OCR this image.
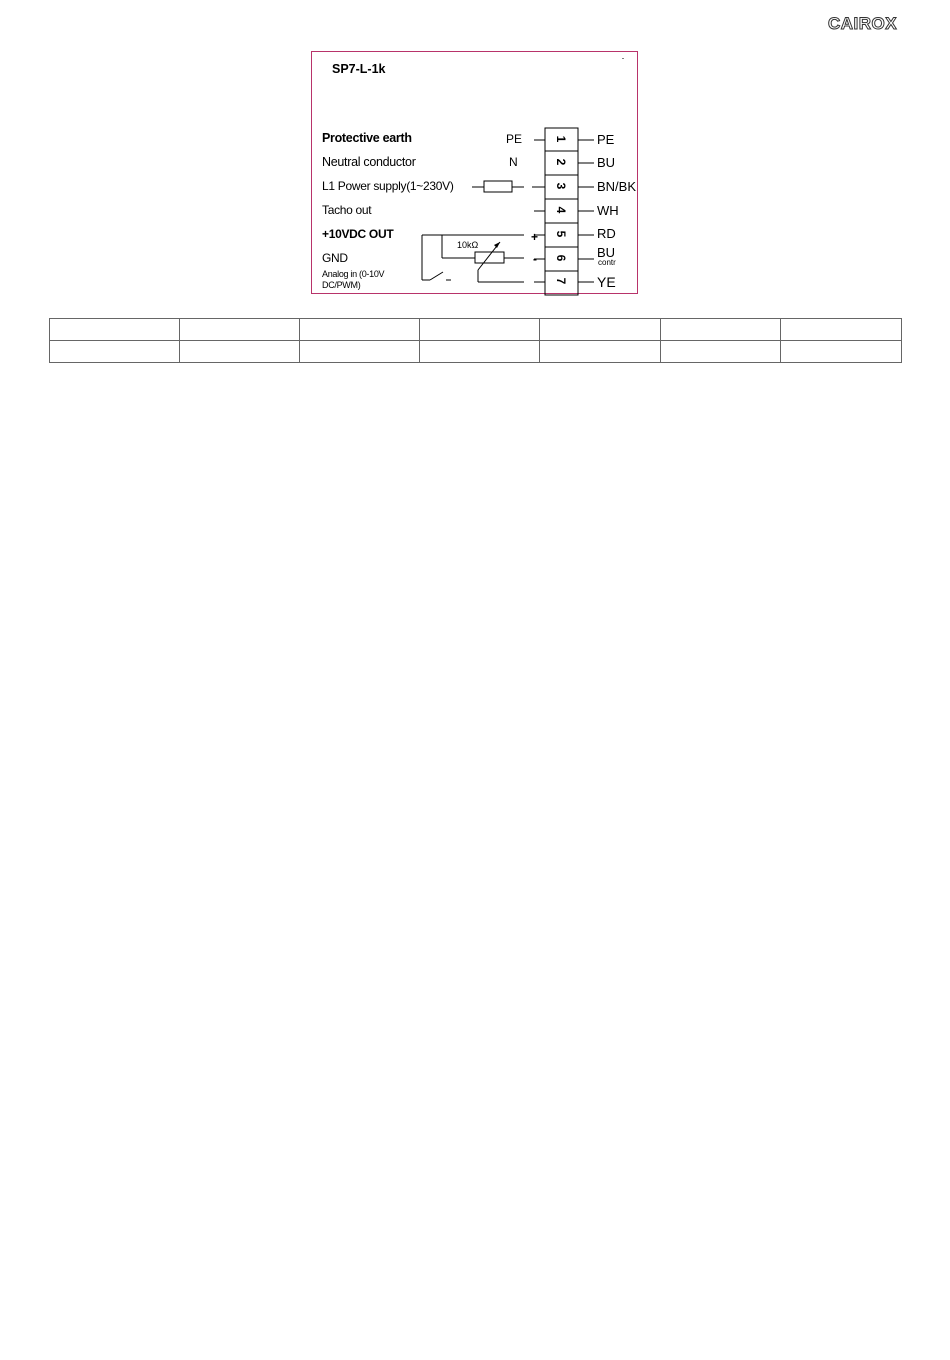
CAIROX
SP7-L-1k
Protective earth
Neutral conductor
L1 Power supply(1~230V)
Tacho out
+10VDC OUT
GND
Analog in (0-10V DC/PWM)
PE
N
1
2
3
4
5
6
7
PE
BU
BN/BK
WH
RD
BU
contr
YE
10kΩ
+
-
